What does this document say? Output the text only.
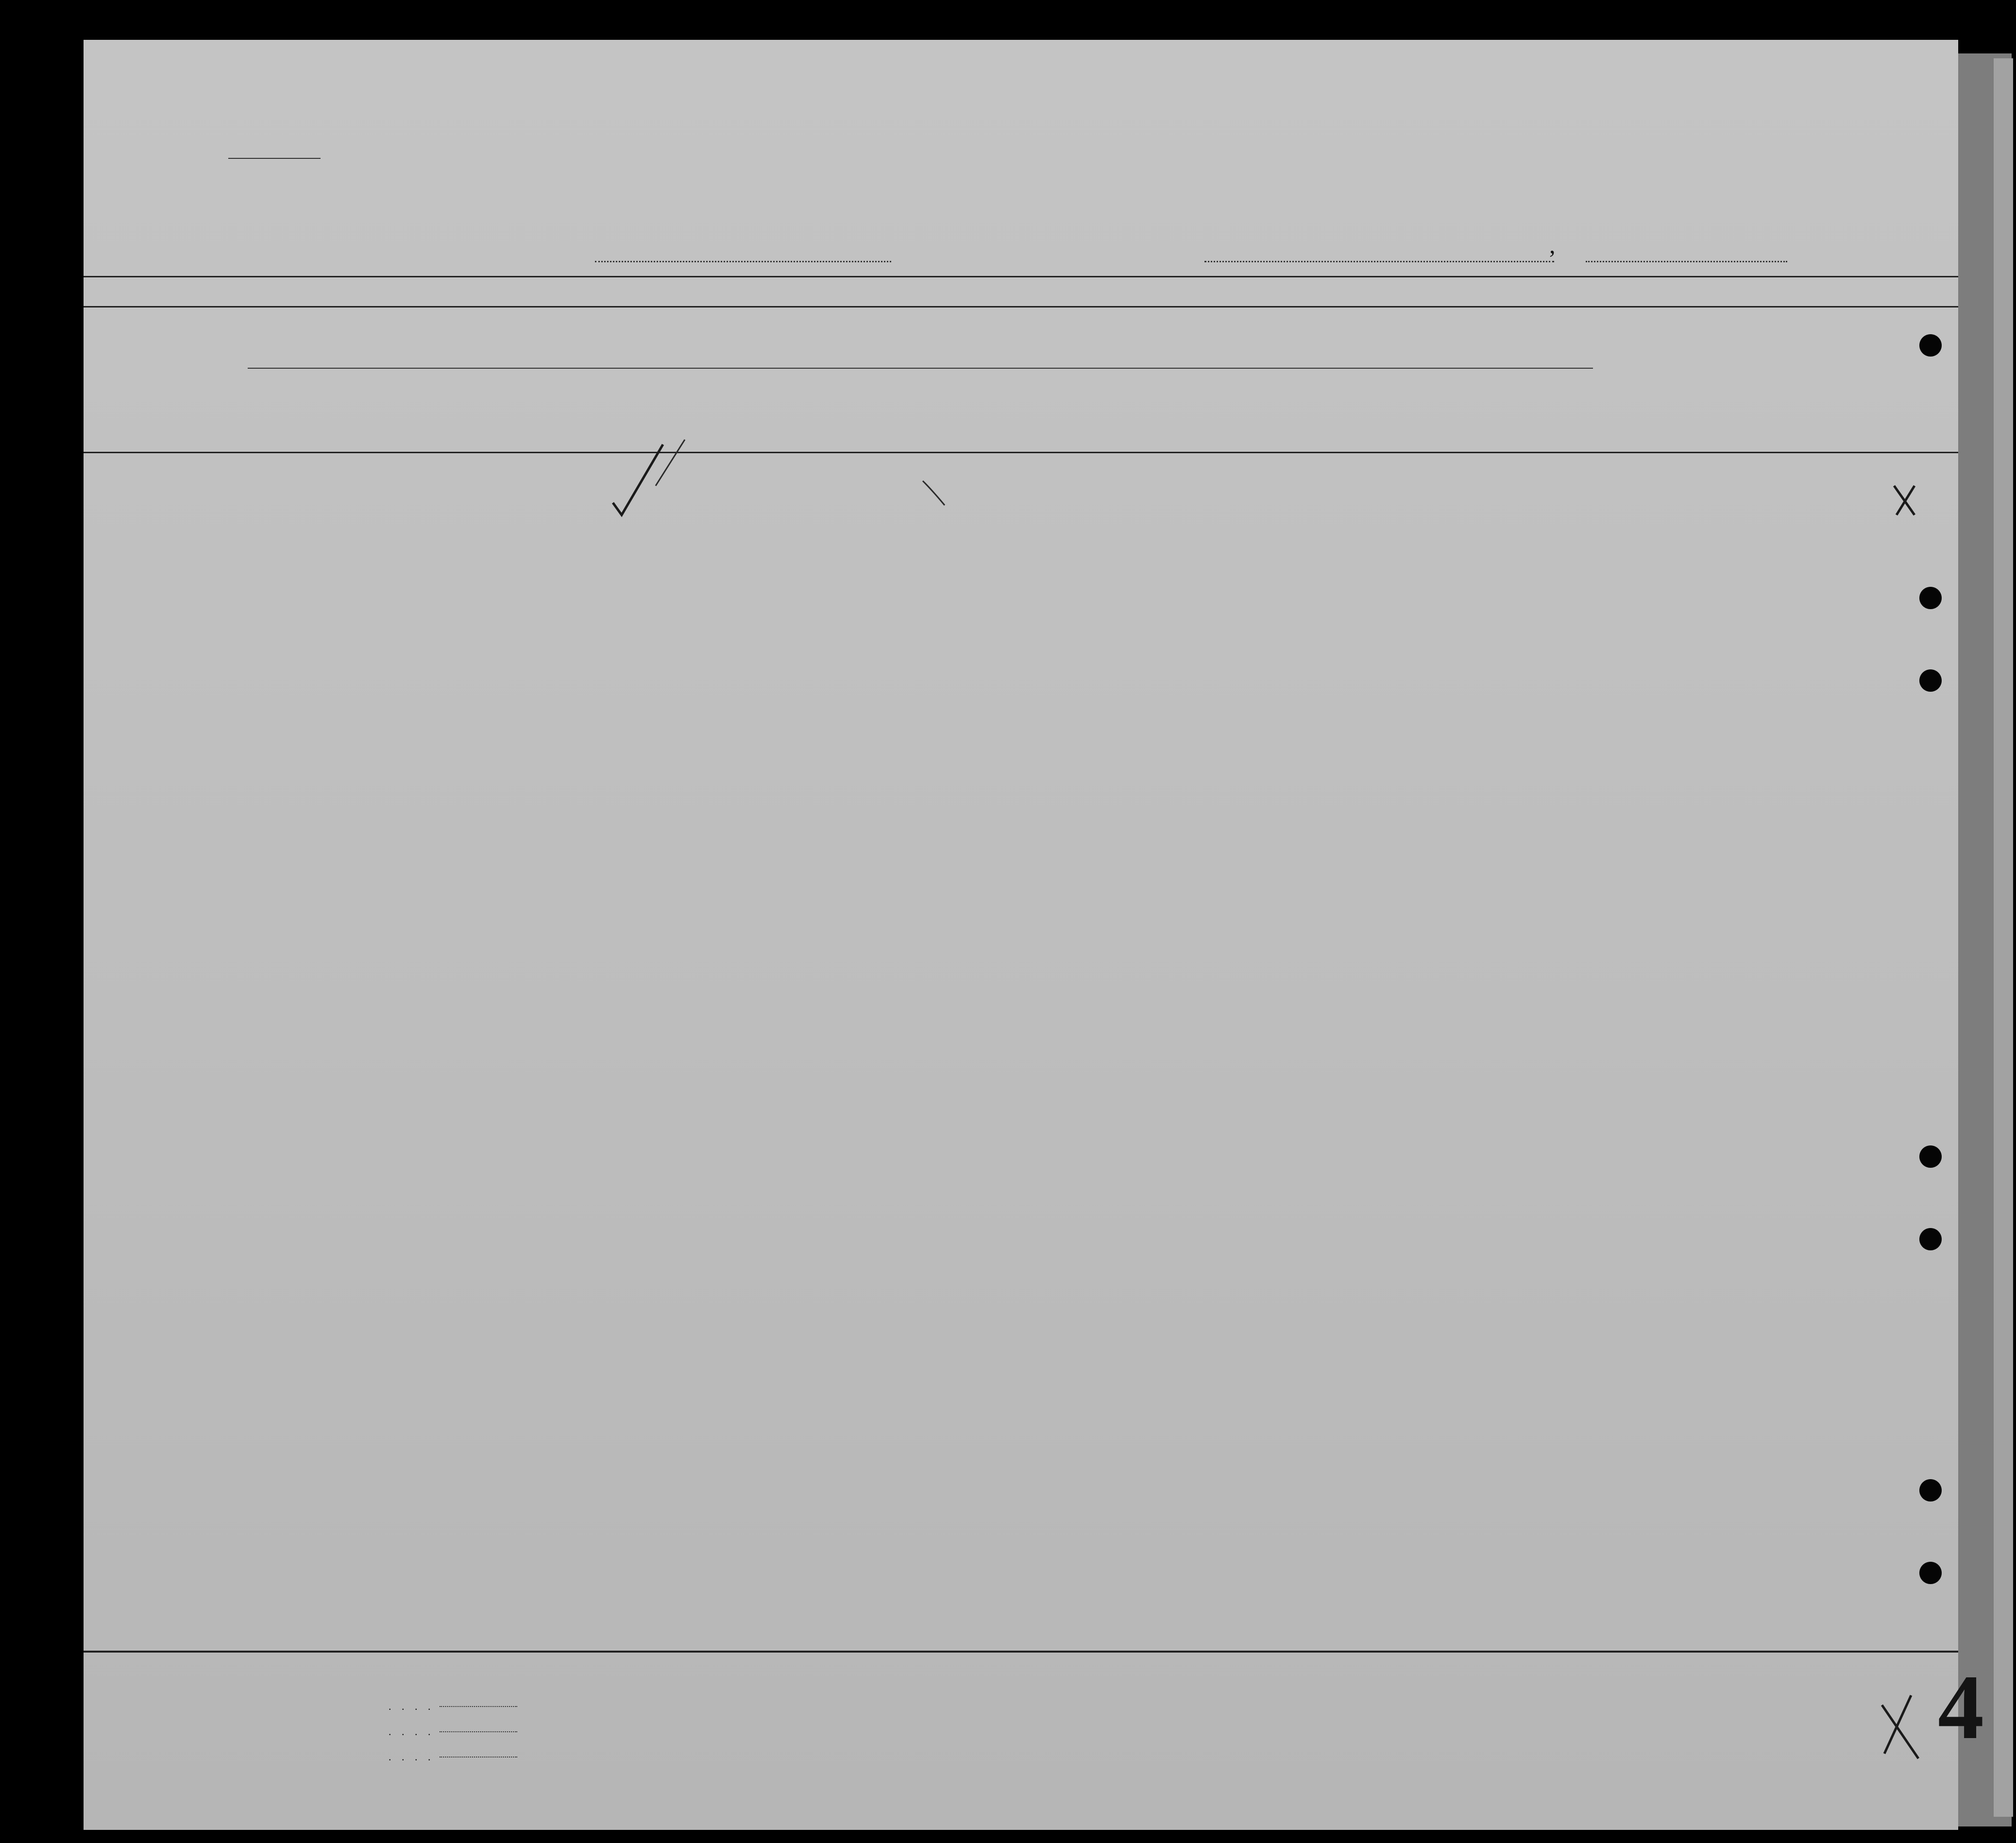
,
. . . .
. . . .
. . . .	4
